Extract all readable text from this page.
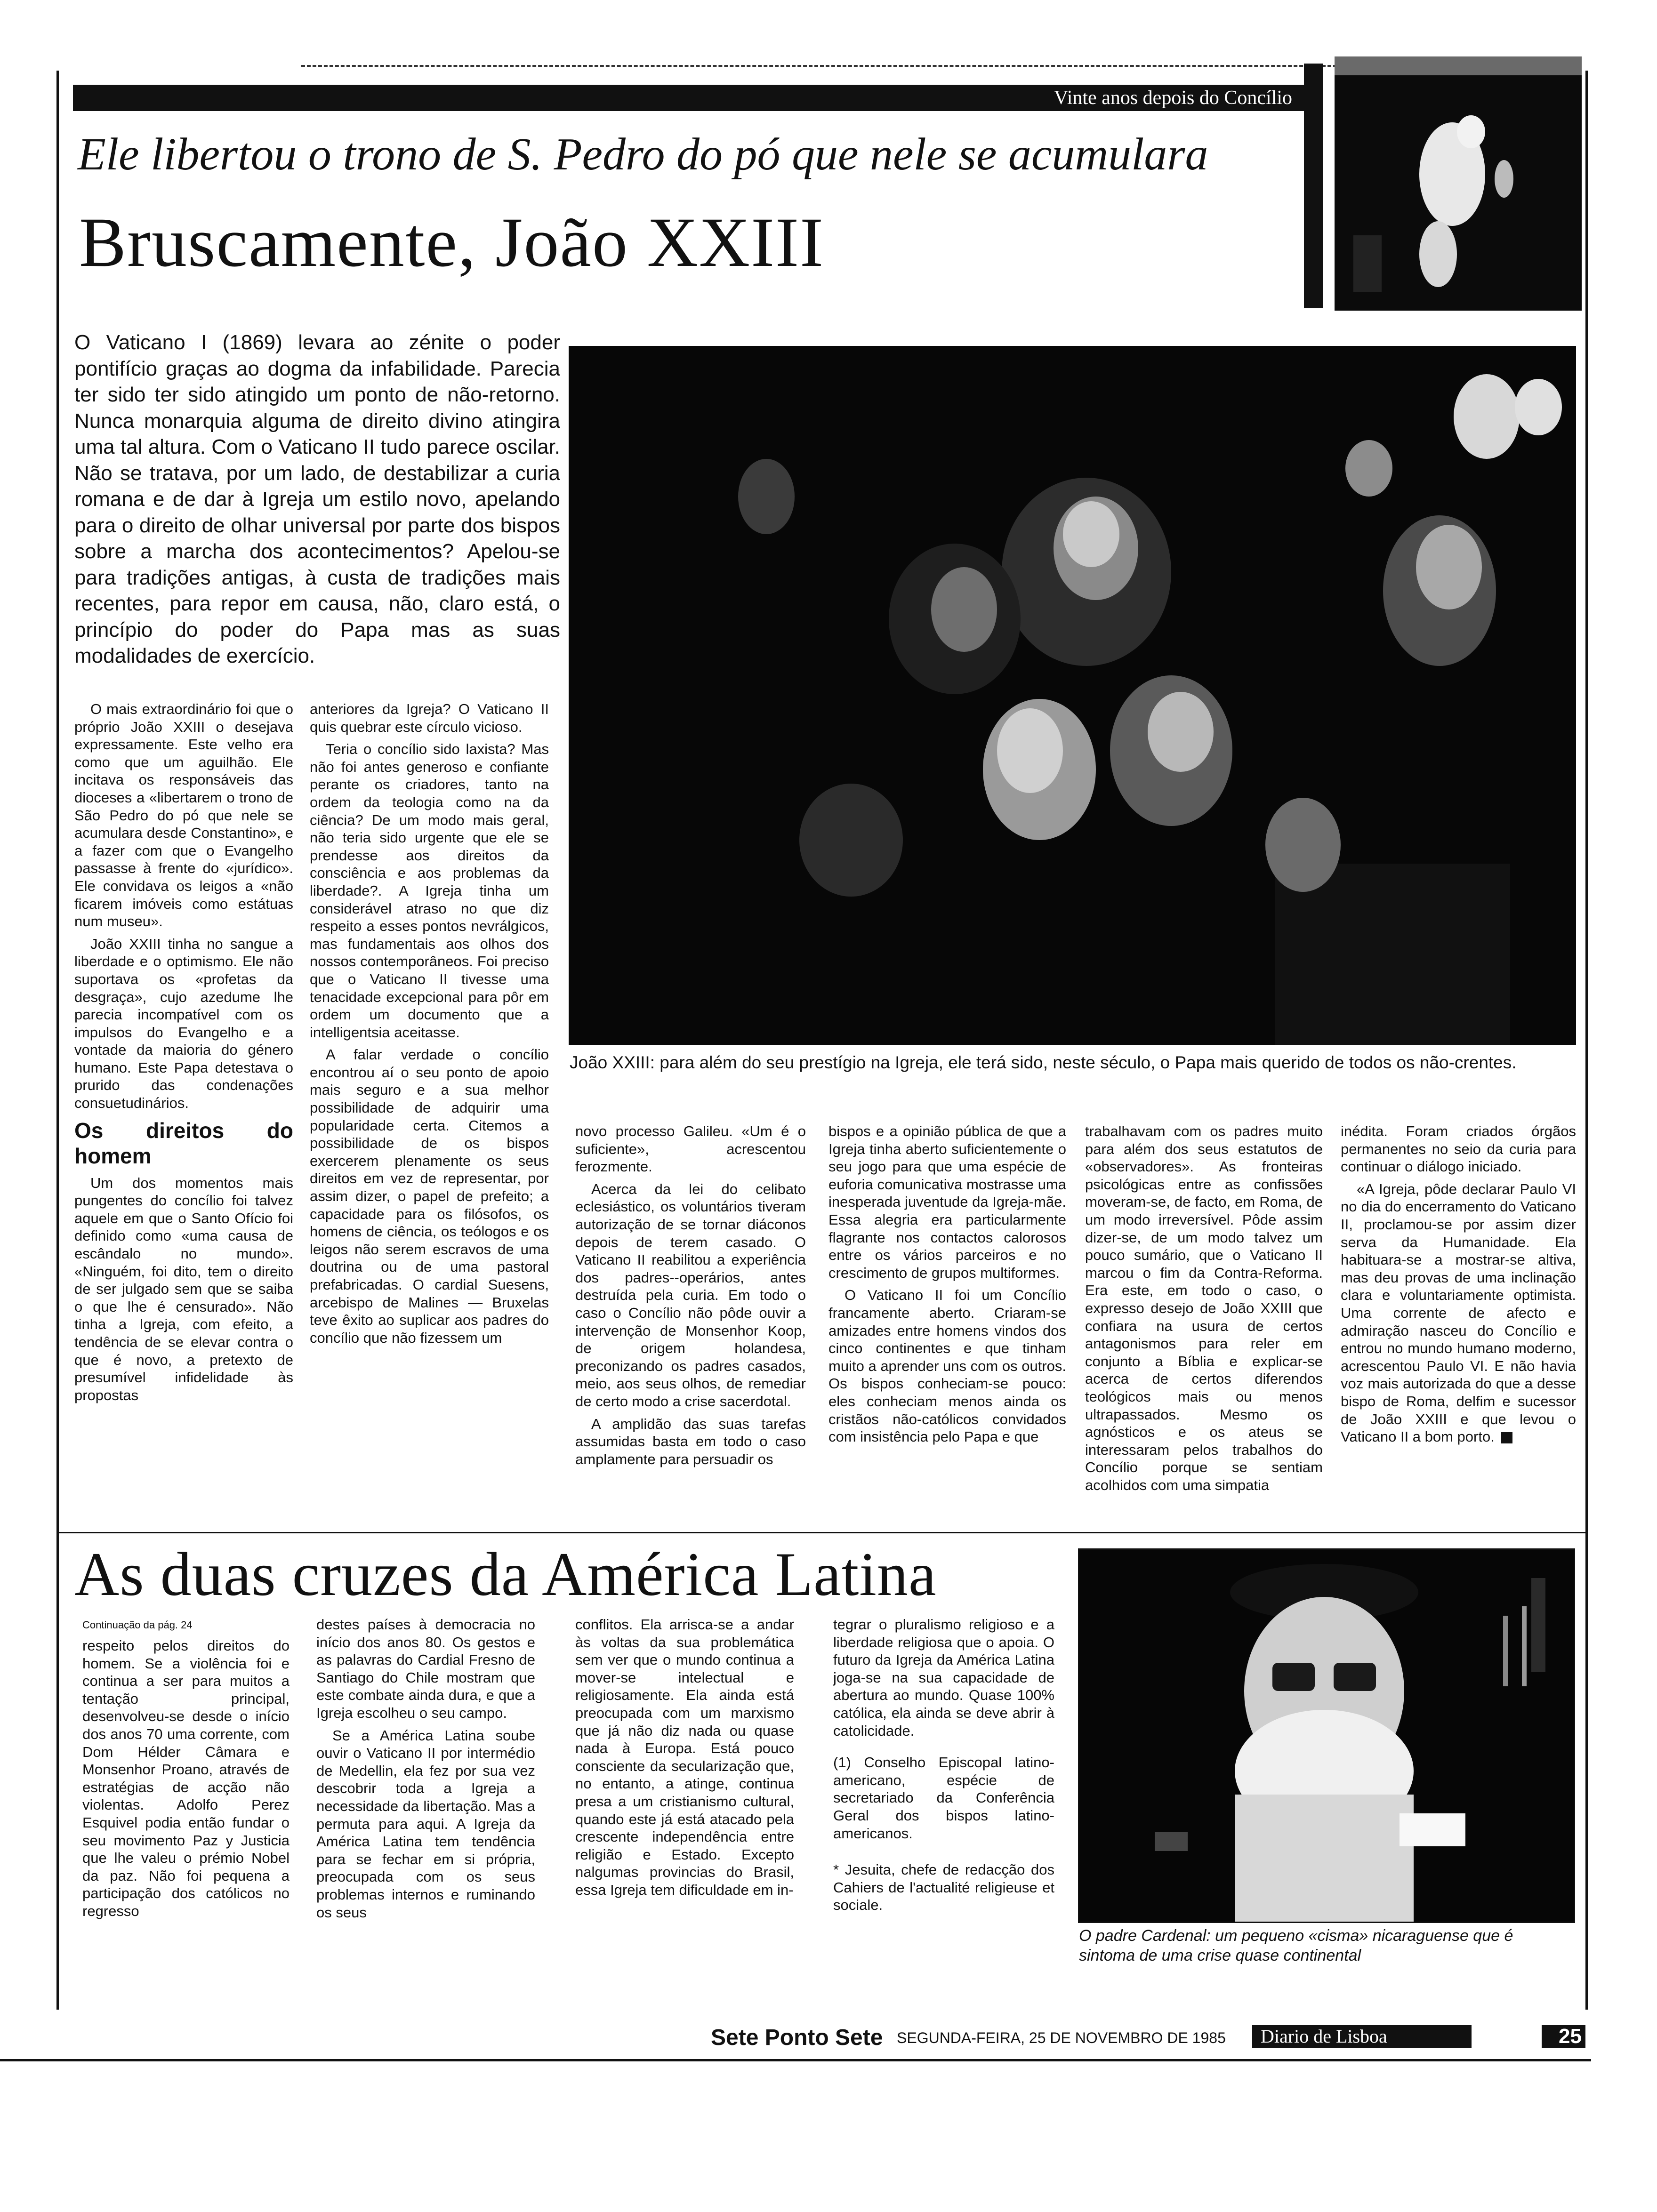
Vinte anos depois do Concílio
Ele libertou o trono de S. Pedro do pó que nele se acumulara
Bruscamente, João XXIII
O Vaticano I (1869) levara ao zénite o poder pontifício graças ao dogma da infabilidade. Parecia ter sido ter sido atingido um ponto de não-retorno. Nunca monarquia alguma de direito divino atingira uma tal altura. Com o Vaticano II tudo parece oscilar. Não se tratava, por um lado, de destabilizar a curia romana e de dar à Igreja um estilo novo, apelando para o direito de olhar universal por parte dos bispos sobre a marcha dos acontecimentos? Apelou-se para tradições antigas, à custa de tradições mais recentes, para repor em causa, não, claro está, o princípio do poder do Papa mas as suas modalidades de exercício.
João XXIII: para além do seu prestígio na Igreja, ele terá sido, neste século, o Papa mais querido de todos os não-crentes.

O mais extraordinário foi que o próprio João XXIII o desejava expressamente. Este velho era como que um aguilhão. Ele incitava os responsáveis das dioceses a «libertarem o trono de São Pedro do pó que nele se acumulara desde Constantino», e a fazer com que o Evangelho passasse à frente do «jurídico». Ele convidava os leigos a «não ficarem imóveis como estátuas num museu».

João XXIII tinha no sangue a liberdade e o optimismo. Ele não suportava os «profetas da desgraça», cujo azedume lhe parecia incompatível com os impulsos do Evangelho e a vontade da maioria do género humano. Este Papa detestava o prurido das condenações consuetudinários.

Os direitos do homem

Um dos momentos mais pungentes do concílio foi talvez aquele em que o Santo Ofício foi definido como «uma causa de escândalo no mundo». «Ninguém, foi dito, tem o direito de ser julgado sem que se saiba o que lhe é censurado». Não tinha a Igreja, com efeito, a tendência de se elevar contra o que é novo, a pretexto de presumível infidelidade às propostas

anteriores da Igreja? O Vaticano II quis quebrar este círculo vicioso.

Teria o concílio sido laxista? Mas não foi antes generoso e confiante perante os criadores, tanto na ordem da teologia como na da ciência? De um modo mais geral, não teria sido urgente que ele se prendesse aos direitos da consciência e aos problemas da liberdade?. A Igreja tinha um considerável atraso no que diz respeito a esses pontos nevrálgicos, mas fundamentais aos olhos dos nossos contemporâneos. Foi preciso que o Vaticano II tivesse uma tenacidade excepcional para pôr em ordem um documento que a intelligentsia aceitasse.

A falar verdade o concílio encontrou aí o seu ponto de apoio mais seguro e a sua melhor possibilidade de adquirir uma popularidade certa. Citemos a possibilidade de os bispos exercerem plenamente os seus direitos em vez de representar, por assim dizer, o papel de prefeito; a capacidade para os filósofos, os homens de ciência, os teólogos e os leigos não serem escravos de uma doutrina ou de uma pastoral prefabricadas. O cardial Suesens, arcebispo de Malines — Bruxelas teve êxito ao suplicar aos padres do concílio que não fizessem um

novo processo Galileu. «Um é o suficiente», acrescentou ferozmente.

Acerca da lei do celibato eclesiástico, os voluntários tiveram autorização de se tornar diáconos depois de terem casado. O Vaticano II reabilitou a experiência dos padres--operários, antes destruída pela curia. Em todo o caso o Concílio não pôde ouvir a intervenção de Monsenhor Koop, de origem holandesa, preconizando os padres casados, meio, aos seus olhos, de remediar de certo modo a crise sacerdotal.

A amplidão das suas tarefas assumidas basta em todo o caso amplamente para persuadir os

bispos e a opinião pública de que a Igreja tinha aberto suficientemente o seu jogo para que uma espécie de euforia comunicativa mostrasse uma inesperada juventude da Igreja-mãe. Essa alegria era particularmente flagrante nos contactos calorosos entre os vários parceiros e no crescimento de grupos multiformes.

O Vaticano II foi um Concílio francamente aberto. Criaram-se amizades entre homens vindos dos cinco continentes e que tinham muito a aprender uns com os outros. Os bispos conheciam-se pouco: eles conheciam menos ainda os cristãos não-católicos convidados com insistência pelo Papa e que

trabalhavam com os padres muito para além dos seus estatutos de «observadores». As fronteiras psicológicas entre as confissões moveram-se, de facto, em Roma, de um modo irreversível. Pôde assim dizer-se, de um modo talvez um pouco sumário, que o Vaticano II marcou o fim da Contra-Reforma. Era este, em todo o caso, o expresso desejo de João XXIII que confiara na usura de certos antagonismos para reler em conjunto a Bíblia e explicar-se acerca de certos diferendos teológicos mais ou menos ultrapassados. Mesmo os agnósticos e os ateus se interessaram pelos trabalhos do Concílio porque se sentiam acolhidos com uma simpatia

inédita. Foram criados órgãos permanentes no seio da curia para continuar o diálogo iniciado.

«A Igreja, pôde declarar Paulo VI no dia do encerramento do Vaticano II, proclamou-se por assim dizer serva da Humanidade. Ela habituara-se a mostrar-se altiva, mas deu provas de uma inclinação clara e voluntariamente optimista. Uma corrente de afecto e admiração nasceu do Concílio e entrou no mundo humano moderno, acrescentou Paulo VI. E não havia voz mais autorizada do que a desse bispo de Roma, delfim e sucessor de João XXIII e que levou o Vaticano II a bom porto.

As duas cruzes da América Latina
Continuação da pág. 24

respeito pelos direitos do homem. Se a violência foi e continua a ser para muitos a tentação principal, desenvolveu-se desde o início dos anos 70 uma corrente, com Dom Hélder Câmara e Monsenhor Proano, através de estratégias de acção não violentas. Adolfo Perez Esquivel podia então fundar o seu movimento Paz y Justicia que lhe valeu o prémio Nobel da paz. Não foi pequena a participação dos católicos no regresso

destes países à democracia no início dos anos 80. Os gestos e as palavras do Cardial Fresno de Santiago do Chile mostram que este combate ainda dura, e que a Igreja escolheu o seu campo.

Se a América Latina soube ouvir o Vaticano II por intermédio de Medellin, ela fez por sua vez descobrir toda a Igreja a necessidade da libertação. Mas a permuta para aqui. A Igreja da América Latina tem tendência para se fechar em si própria, preocupada com os seus problemas internos e ruminando os seus

conflitos. Ela arrisca-se a andar às voltas da sua problemática sem ver que o mundo continua a mover-se intelectual e religiosamente. Ela ainda está preocupada com um marxismo que já não diz nada ou quase nada à Europa. Está pouco consciente da secularização que, no entanto, a atinge, continua presa a um cristianismo cultural, quando este já está atacado pela crescente independência entre religião e Estado. Excepto nalgumas provincias do Brasil, essa Igreja tem dificuldade em in-

tegrar o pluralismo religioso e a liberdade religiosa que o apoia. O futuro da Igreja da América Latina joga-se na sua capacidade de abertura ao mundo. Quase 100% católica, ela ainda se deve abrir à catolicidade.

(1) Conselho Episcopal latino-americano, espécie de secretariado da Conferência Geral dos bispos latino-americanos.

* Jesuita, chefe de redacção dos Cahiers de l'actualité religieuse et sociale.

O padre Cardenal: um pequeno «cisma» nicaraguense que é sintoma de uma crise quase continental
Sete Ponto Sete SEGUNDA-FEIRA, 25 DE NOVEMBRO DE 1985	Diario de Lisboa	25
